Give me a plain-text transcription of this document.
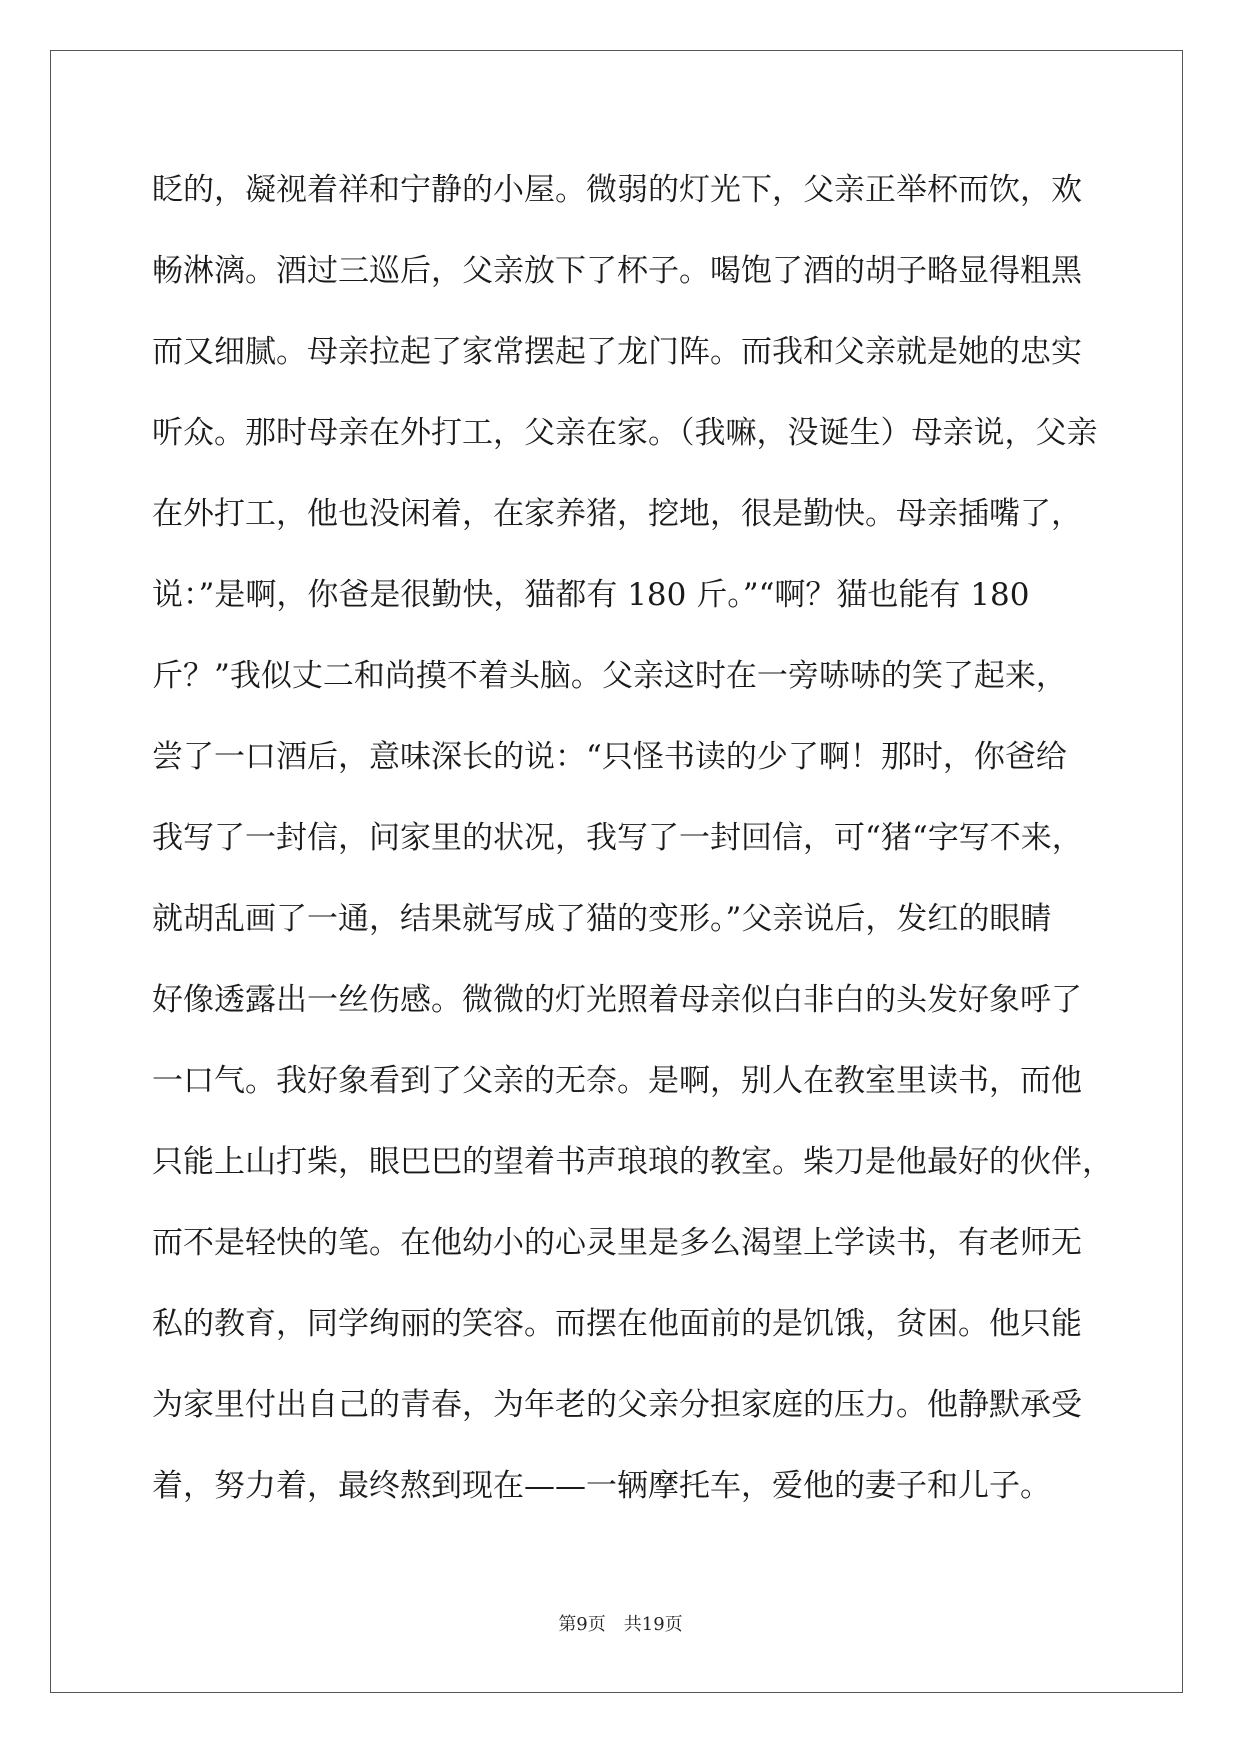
眨的，凝视着祥和宁静的小屋。微弱的灯光下，父亲正举杯而饮，欢
畅淋漓。酒过三巡后，父亲放下了杯子。喝饱了酒的胡子略显得粗黑
而又细腻。母亲拉起了家常摆起了龙门阵。而我和父亲就是她的忠实
听众。那时母亲在外打工，父亲在家。（我嘛，没诞生）母亲说，父亲
在外打工，他也没闲着，在家养猪，挖地，很是勤快。母亲插嘴了，
说：”是啊，你爸是很勤快，猫都有 180 斤。”“啊？猫也能有 180
斤？”我似丈二和尚摸不着头脑。父亲这时在一旁哧哧的笑了起来，
尝了一口酒后，意味深长的说：“只怪书读的少了啊！那时，你爸给
我写了一封信，问家里的状况，我写了一封回信，可“猪“字写不来，
就胡乱画了一通，结果就写成了猫的变形。”父亲说后，发红的眼睛
好像透露出一丝伤感。微微的灯光照着母亲似白非白的头发好象呼了
一口气。我好象看到了父亲的无奈。是啊，别人在教室里读书，而他
只能上山打柴，眼巴巴的望着书声琅琅的教室。柴刀是他最好的伙伴，
而不是轻快的笔。在他幼小的心灵里是多么渴望上学读书，有老师无
私的教育，同学绚丽的笑容。而摆在他面前的是饥饿，贫困。他只能
为家里付出自己的青春，为年老的父亲分担家庭的压力。他静默承受
着，努力着，最终熬到现在——一辆摩托车，爱他的妻子和儿子。
第9页　共19页
